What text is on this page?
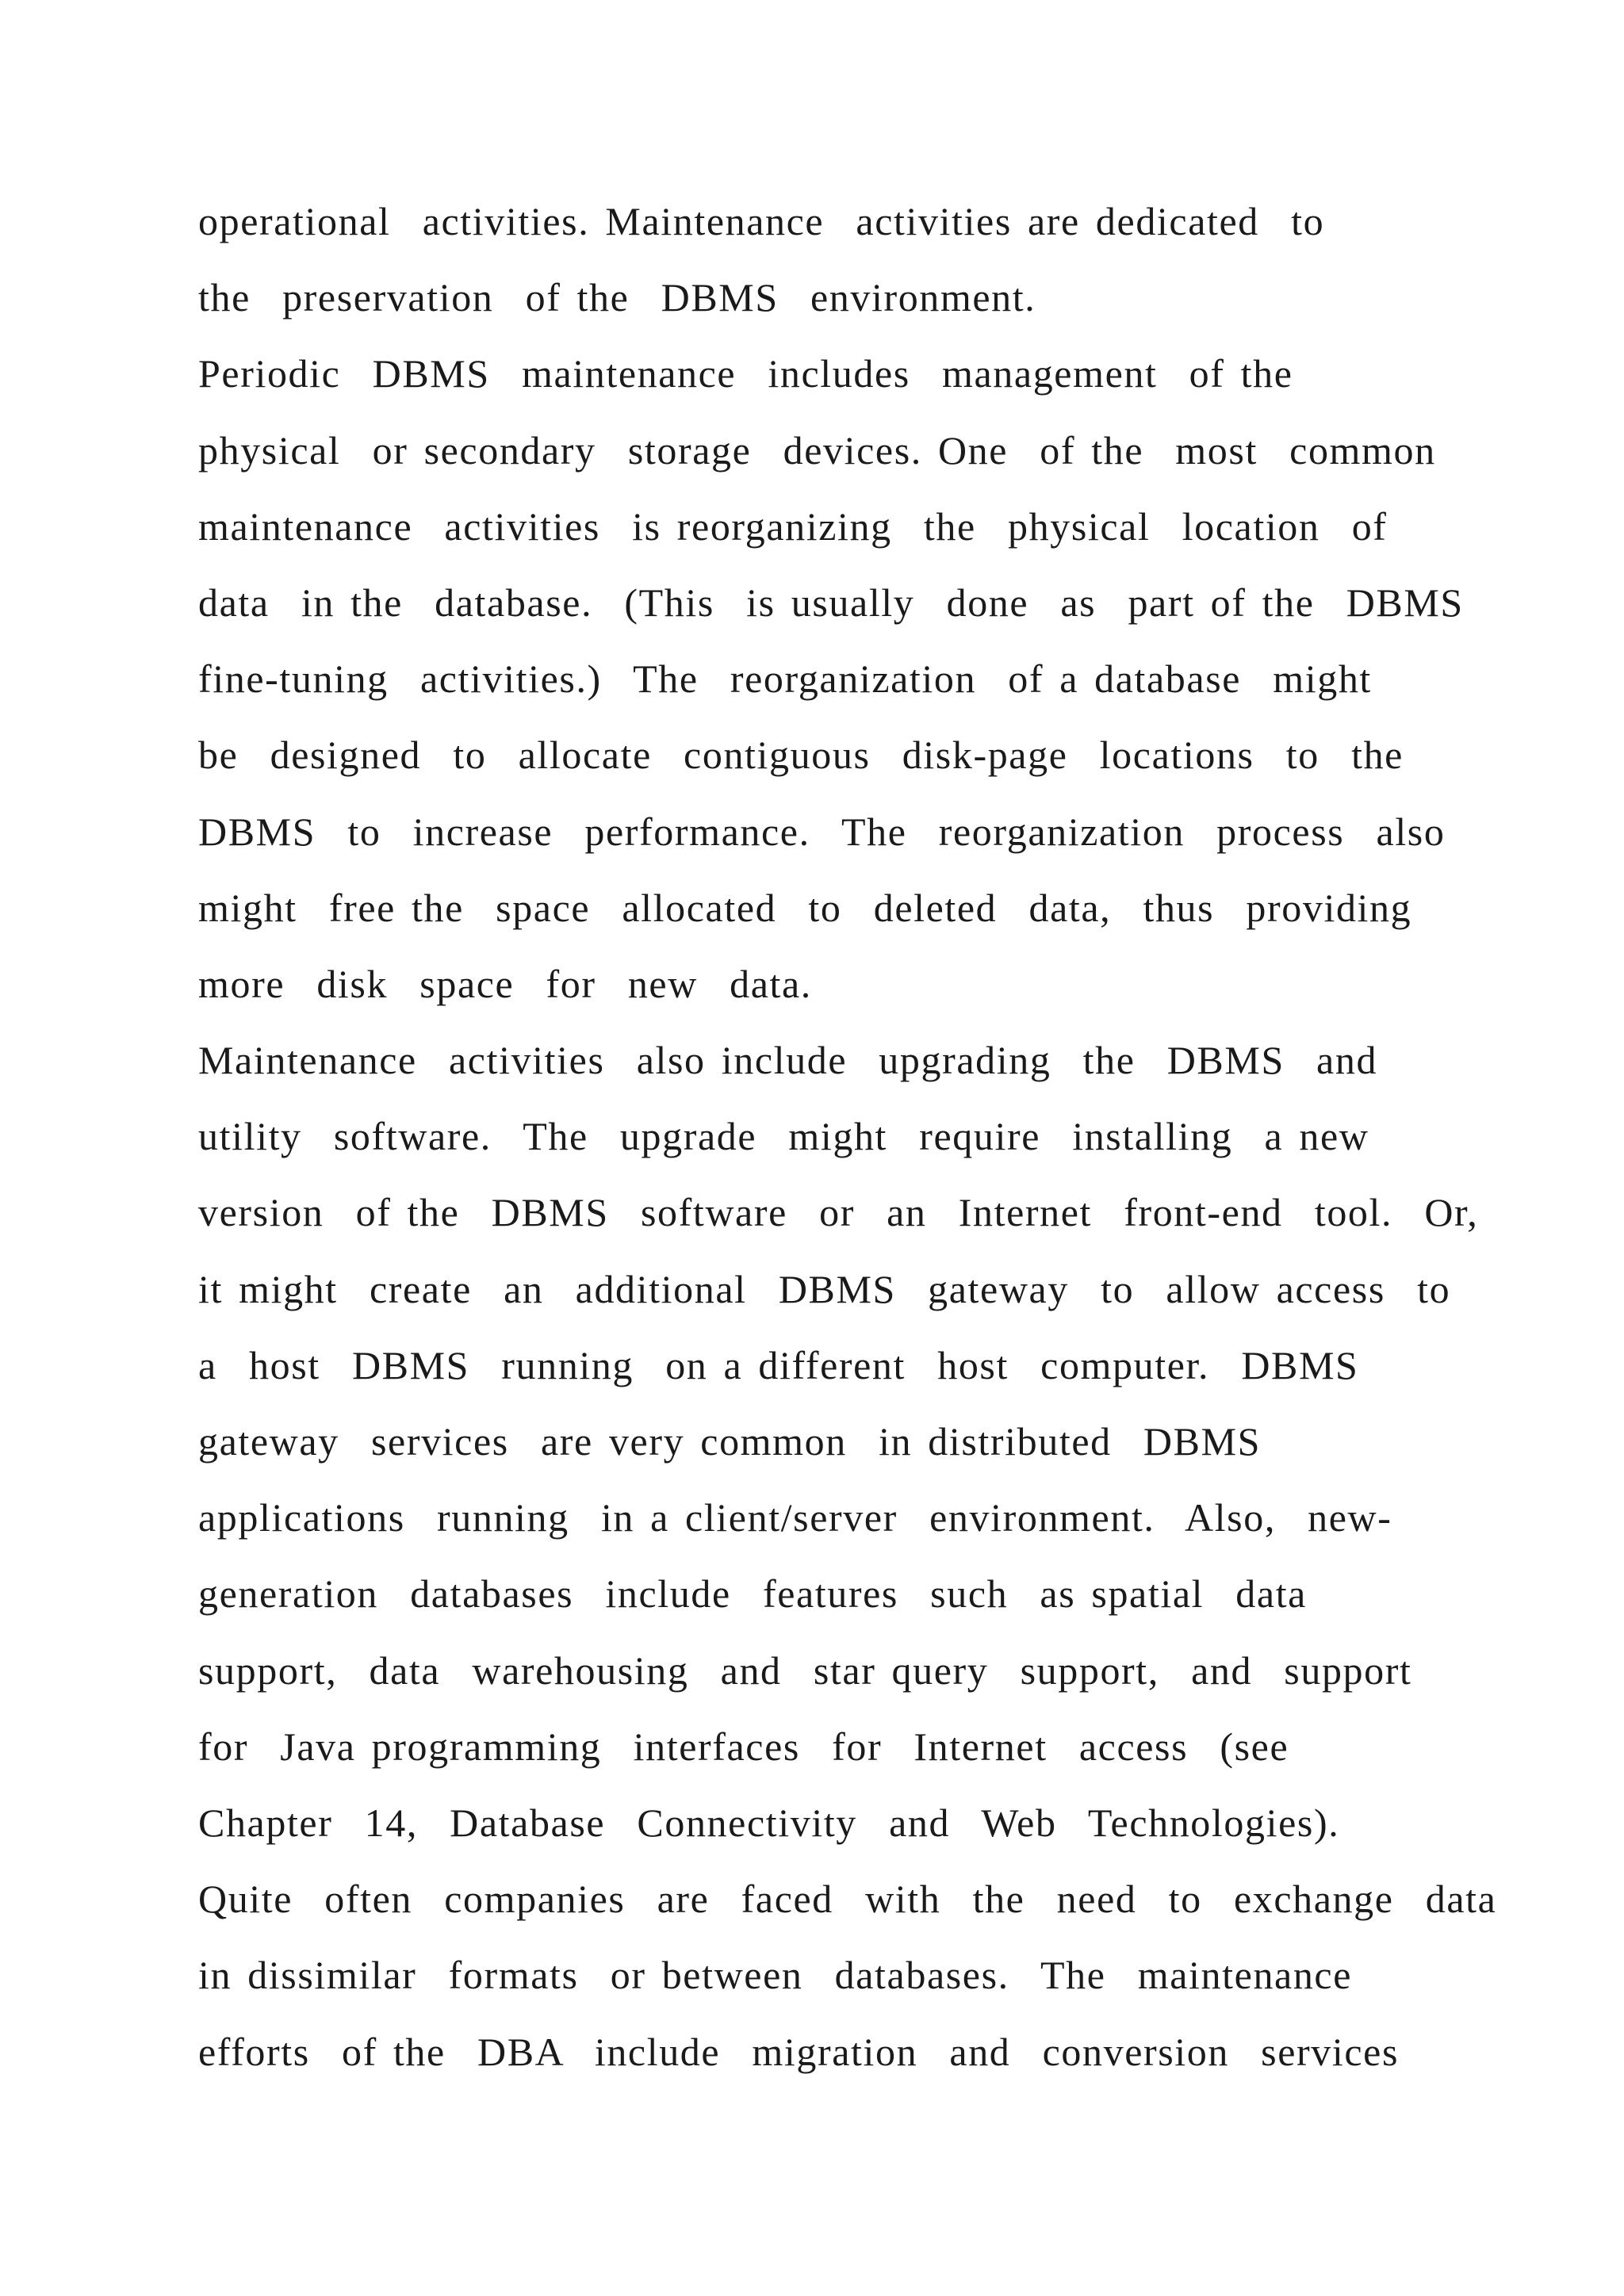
operational  activities. Maintenance  activities are dedicated  to
the  preservation  of the  DBMS  environment.
Periodic  DBMS  maintenance  includes  management  of the
physical  or secondary  storage  devices. One  of the  most  common
maintenance  activities  is reorganizing  the  physical  location  of
data  in the  database.  (This  is usually  done  as  part of the  DBMS
fine-tuning  activities.)  The  reorganization  of a database  might
be  designed  to  allocate  contiguous  disk-page  locations  to  the
DBMS  to  increase  performance.  The  reorganization  process  also
might  free the  space  allocated  to  deleted  data,  thus  providing
more  disk  space  for  new  data.
Maintenance  activities  also include  upgrading  the  DBMS  and
utility  software.  The  upgrade  might  require  installing  a new
version  of the  DBMS  software  or  an  Internet  front-end  tool.  Or,
it might  create  an  additional  DBMS  gateway  to  allow access  to
a  host  DBMS  running  on a different  host  computer.  DBMS
gateway  services  are very common  in distributed  DBMS
applications  running  in a client/server  environment.  Also,  new-
generation  databases  include  features  such  as spatial  data
support,  data  warehousing  and  star query  support,  and  support
for  Java programming  interfaces  for  Internet  access  (see
Chapter  14,  Database  Connectivity  and  Web  Technologies).
Quite  often  companies  are  faced  with  the  need  to  exchange  data
in dissimilar  formats  or between  databases.  The  maintenance
efforts  of the  DBA  include  migration  and  conversion  services
